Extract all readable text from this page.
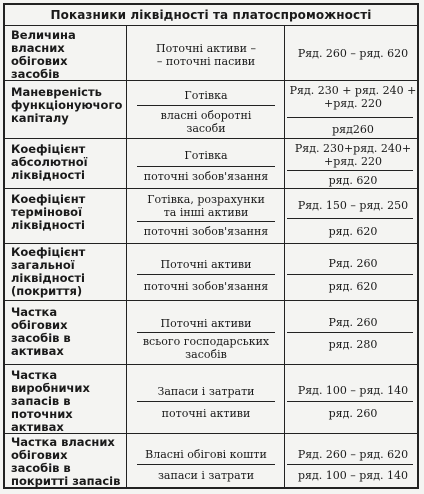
Показники ліквідності та платоспроможності
Величина
власних
обігових
засобів
Поточні активи –
– поточні пасиви
Ряд. 260 – ряд. 620
Маневреність
функціонуючого
капіталу
Готівка
власні оборотні
засоби
Ряд. 230 + ряд. 240 +
+ряд. 220
ряд260
Коефіцієнт
абсолютної
ліквідності
Готівка
поточні зобов'язання
Ряд. 230+ряд. 240+
+ряд. 220
ряд. 620
Коефіцієнт
термінової
ліквідності
Готівка, розрахунки
та інші активи
поточні зобов'язання
Ряд. 150 – ряд. 250
ряд. 620
Коефіцієнт
загальної
ліквідності
(покриття)
Поточні активи
поточні зобов'язання
Ряд. 260
ряд. 620
Частка
обігових
засобів в
активах
Поточні активи
всього господарських
засобів
Ряд. 260
ряд. 280
Частка
виробничих
запасів в
поточних
активах
Запаси і затрати
поточні активи
Ряд. 100 – ряд. 140
ряд. 260
Частка власних
обігових
засобів в
покритті запасів
Власні обігові кошти
запаси і затрати
Ряд. 260 – ряд. 620
ряд. 100 – ряд. 140
